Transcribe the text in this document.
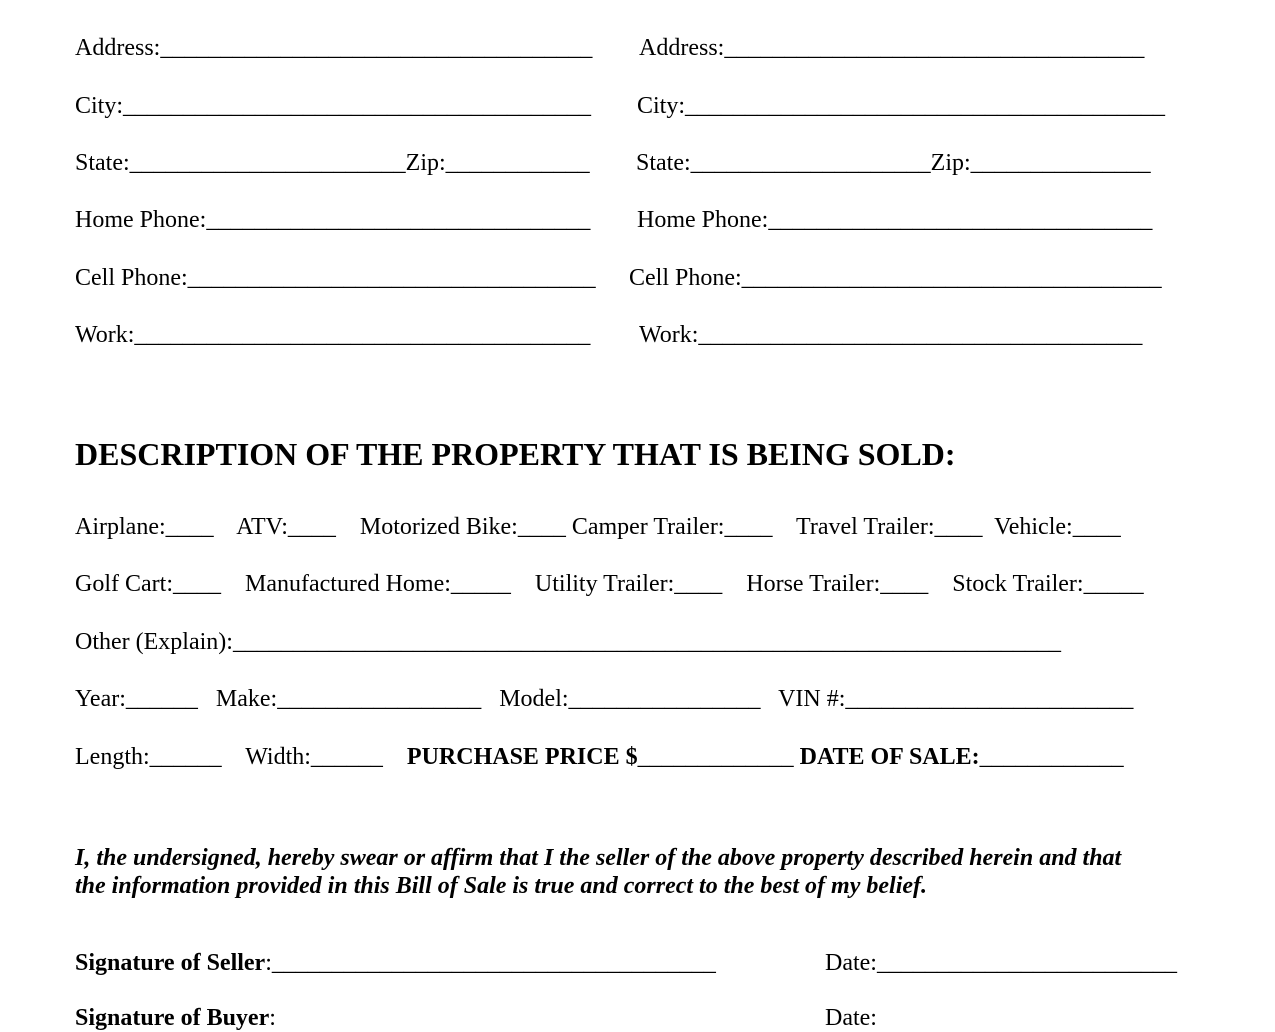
Address:____________________________________
City:_______________________________________
State:_______________________Zip:____________
Home Phone:________________________________
Cell Phone:__________________________________
Work:______________________________________
Address:___________________________________
City:________________________________________
State:____________________Zip:_______________
Home Phone:________________________________
Cell Phone:___________________________________
Work:_____________________________________
DESCRIPTION OF THE PROPERTY THAT IS BEING SOLD:
Airplane:____    ATV:____    Motorized Bike:____ Camper Trailer:____    Travel Trailer:____  Vehicle:____
Golf Cart:____    Manufactured Home:_____    Utility Trailer:____    Horse Trailer:____    Stock Trailer:_____
Other (Explain):_____________________________________________________________________
Year:______   Make:_________________   Model:________________   VIN #:________________________
Length:______    Width:______    PURCHASE PRICE $_____________ DATE OF SALE:____________
I, the undersigned, hereby swear or affirm that I the seller of the above property described herein and that
the information provided in this Bill of Sale is true and correct to the best of my belief.
Signature of Seller:_____________________________________	Date:_________________________
Signature of Buyer:	Date:
